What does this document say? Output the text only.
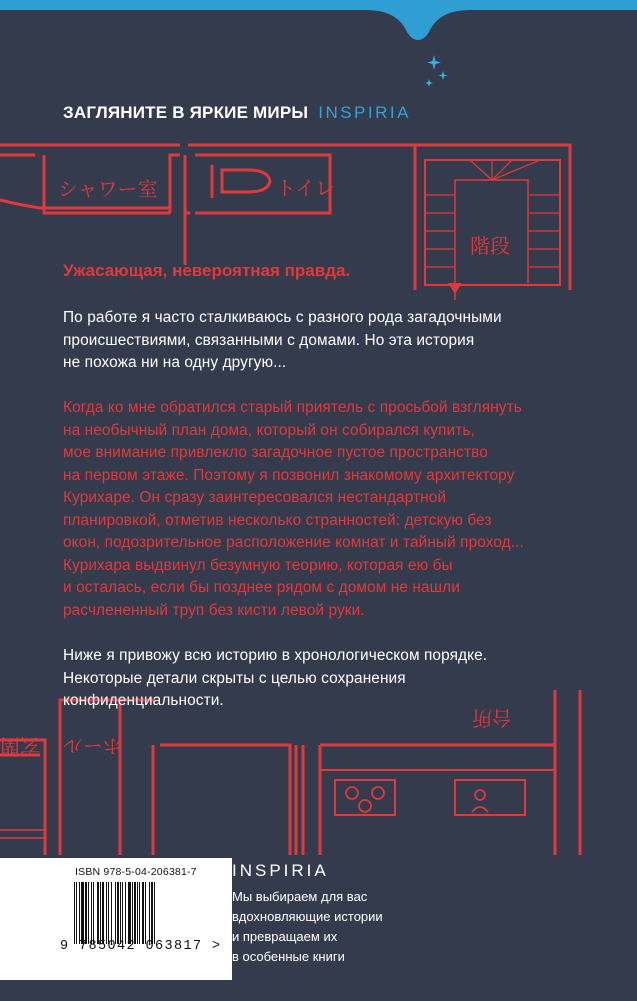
シャワー室	トイレ
階段
ホール
玄関
台所
ЗАГЛЯНИТЕ В ЯРКИЕ МИРЫ INSPIRIA
Ужасающая, невероятная правда.
По работе я часто сталкиваюсь с разного рода загадочными
происшествиями, связанными с домами. Но эта история
не похожа ни на одну другую...
Когда ко мне обратился старый приятель с просьбой взглянуть
на необычный план дома, который он собирался купить,
мое внимание привлекло загадочное пустое пространство
на первом этаже. Поэтому я позвонил знакомому архитектору
Курихаре. Он сразу заинтересовался нестандартной
планировкой, отметив несколько странностей: детскую без
окон, подозрительное расположение комнат и тайный проход...
Курихара выдвинул безумную теорию, которая ею бы
и осталась, если бы позднее рядом с домом не нашли
расчлененный труп без кисти левой руки.
Ниже я привожу всю историю в хронологическом порядке.
Некоторые детали скрыты с целью сохранения
конфиденциальности.
ISBN 978-5-04-206381-7
9 785042 063817 >
INSPIRIA
Мы выбираем для вас
вдохновляющие истории
и превращаем их
в особенные книги
